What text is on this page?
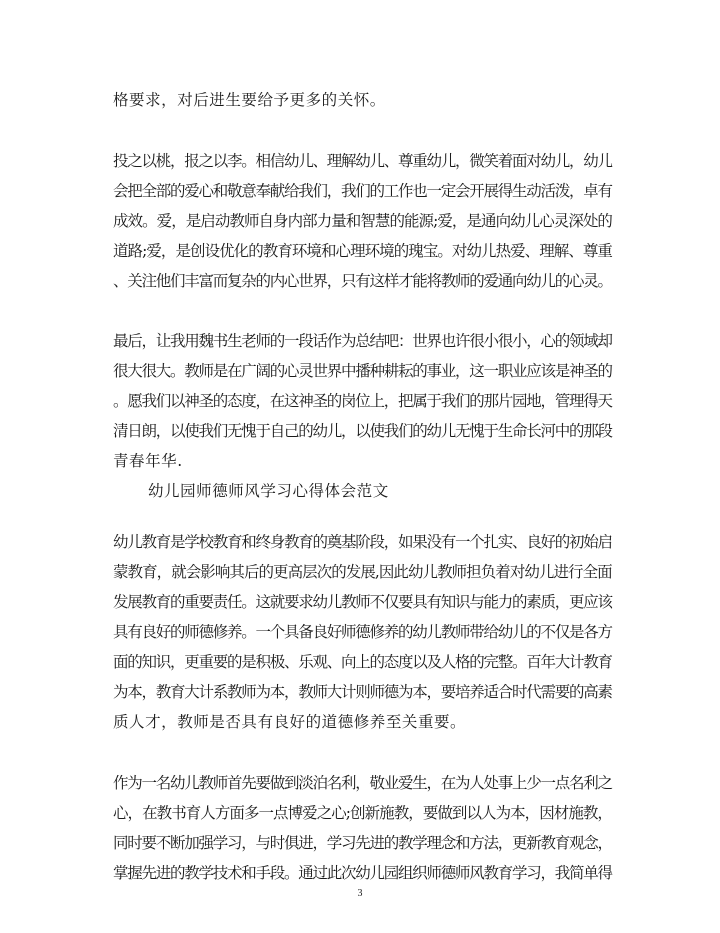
格要求，对后进生要给予更多的关怀。
投之以桃，报之以李。相信幼儿、理解幼儿、尊重幼儿，微笑着面对幼儿，幼儿
会把全部的爱心和敬意奉献给我们，我们的工作也一定会开展得生动活泼，卓有
成效。爱，是启动教师自身内部力量和智慧的能源;爱，是通向幼儿心灵深处的
道路;爱，是创设优化的教育环境和心理环境的瑰宝。对幼儿热爱、理解、尊重
、关注他们丰富而复杂的内心世界，只有这样才能将教师的爱通向幼儿的心灵。
最后，让我用魏书生老师的一段话作为总结吧：世界也许很小很小，心的领域却
很大很大。教师是在广阔的心灵世界中播种耕耘的事业，这一职业应该是神圣的
。愿我们以神圣的态度，在这神圣的岗位上，把属于我们的那片园地，管理得天
清日朗，以使我们无愧于自己的幼儿，以使我们的幼儿无愧于生命长河中的那段
青春年华.
幼儿园师德师风学习心得体会范文
幼儿教育是学校教育和终身教育的奠基阶段，如果没有一个扎实、良好的初始启
蒙教育，就会影响其后的更高层次的发展,因此幼儿教师担负着对幼儿进行全面
发展教育的重要责任。这就要求幼儿教师不仅要具有知识与能力的素质，更应该
具有良好的师德修养。一个具备良好师德修养的幼儿教师带给幼儿的不仅是各方
面的知识，更重要的是积极、乐观、向上的态度以及人格的完整。百年大计教育
为本，教育大计系教师为本，教师大计则师德为本，要培养适合时代需要的高素
质人才，教师是否具有良好的道德修养至关重要。
作为一名幼儿教师首先要做到淡泊名利，敬业爱生，在为人处事上少一点名利之
心，在教书育人方面多一点博爱之心;创新施教，要做到以人为本，因材施教，
同时要不断加强学习，与时俱进，学习先进的教学理念和方法，更新教育观念，
掌握先进的教学技术和手段。通过此次幼儿园组织师德师风教育学习，我简单得
3
